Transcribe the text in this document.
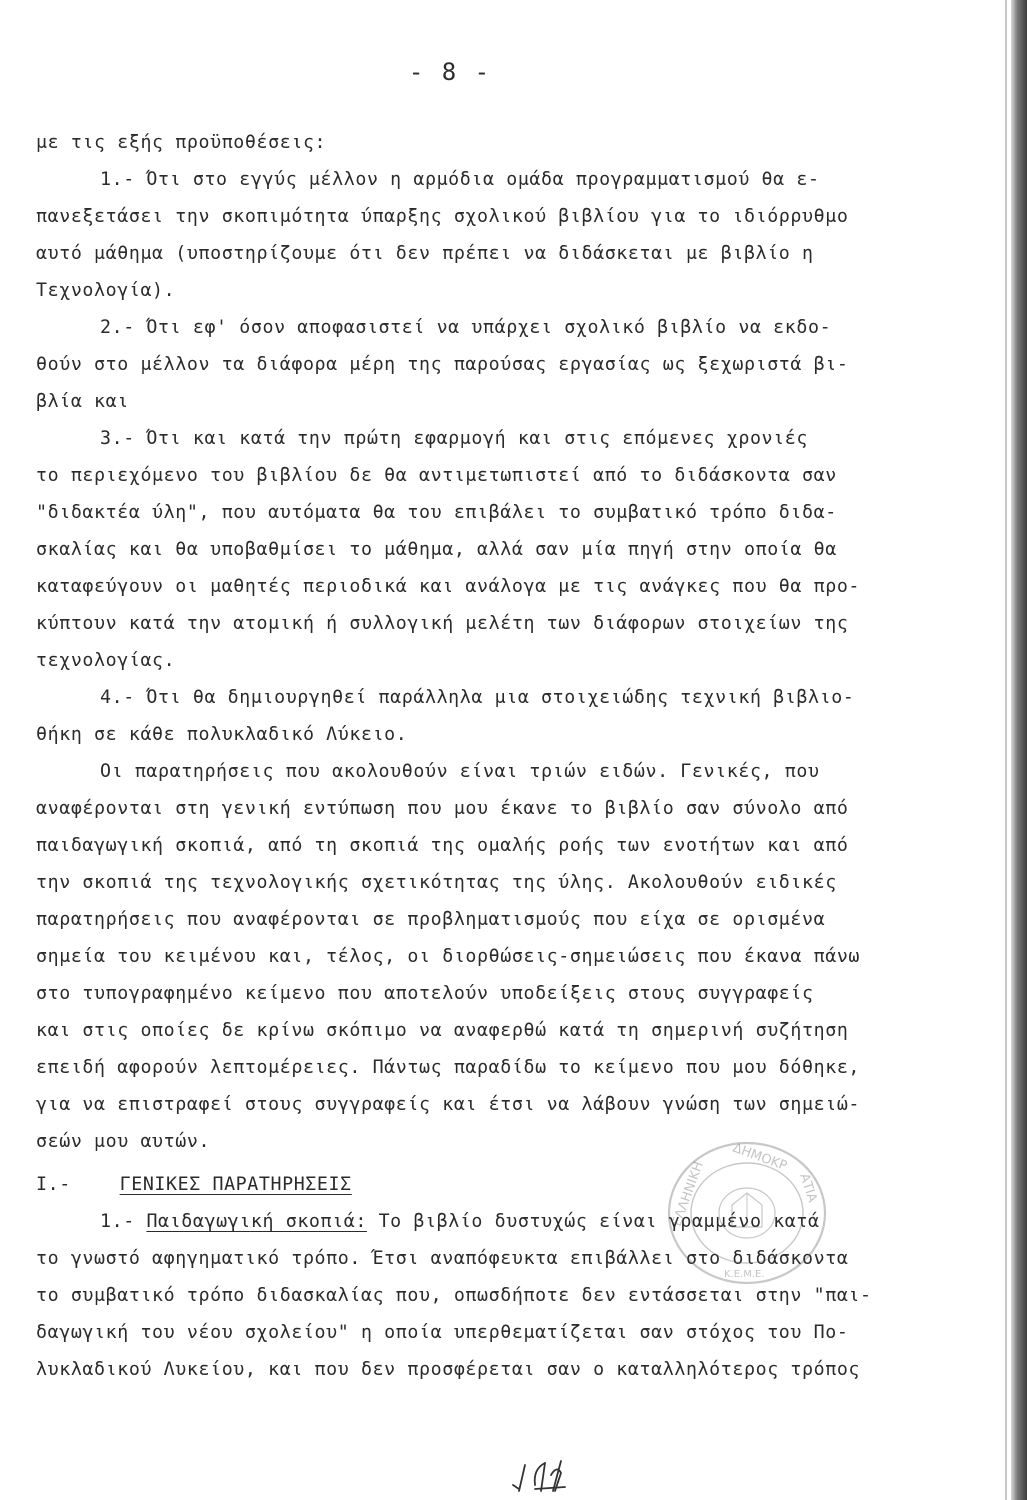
- 8 -
με τις εξής προϋποθέσεις:
1.- Ότι στο εγγύς μέλλον η αρμόδια ομάδα προγραμματισμού θα ε-
πανεξετάσει την σκοπιμότητα ύπαρξης σχολικού βιβλίου για το ιδιόρρυθμο
αυτό μάθημα (υποστηρίζουμε ότι δεν πρέπει να διδάσκεται με βιβλίο η
Τεχνολογία).
2.- Ότι εφ' όσον αποφασιστεί να υπάρχει σχολικό βιβλίο να εκδο-
θούν στο μέλλον τα διάφορα μέρη της παρούσας εργασίας ως ξεχωριστά βι-
βλία και
3.- Ότι και κατά την πρώτη εφαρμογή και στις επόμενες χρονιές
το περιεχόμενο του βιβλίου δε θα αντιμετωπιστεί από το διδάσκοντα σαν
"διδακτέα ύλη", που αυτόματα θα του επιβάλει το συμβατικό τρόπο διδα-
σκαλίας και θα υποβαθμίσει το μάθημα, αλλά σαν μία πηγή στην οποία θα
καταφεύγουν οι μαθητές περιοδικά και ανάλογα με τις ανάγκες που θα προ-
κύπτουν κατά την ατομική ή συλλογική μελέτη των διάφορων στοιχείων της
τεχνολογίας.
4.- Ότι θα δημιουργηθεί παράλληλα μια στοιχειώδης τεχνική βιβλιο-
θήκη σε κάθε πολυκλαδικό Λύκειο.
Οι παρατηρήσεις που ακολουθούν είναι τριών ειδών. Γενικές, που
αναφέρονται στη γενική εντύπωση που μου έκανε το βιβλίο σαν σύνολο από
παιδαγωγική σκοπιά, από τη σκοπιά της ομαλής ροής των ενοτήτων και από
την σκοπιά της τεχνολογικής σχετικότητας της ύλης. Ακολουθούν ειδικές
παρατηρήσεις που αναφέρονται σε προβληματισμούς που είχα σε ορισμένα
σημεία του κειμένου και, τέλος, οι διορθώσεις-σημειώσεις που έκανα πάνω
στο τυπογραφημένο κείμενο που αποτελούν υποδείξεις στους συγγραφείς
και στις οποίες δε κρίνω σκόπιμο να αναφερθώ κατά τη σημερινή συζήτηση
επειδή αφορούν λεπτομέρειες. Πάντως παραδίδω το κείμενο που μου δόθηκε,
για να επιστραφεί στους συγγραφείς και έτσι να λάβουν γνώση των σημειώ-
σεών μου αυτών.
Ι.-	ΓΕΝΙΚΕΣ ΠΑΡΑΤΗΡΗΣΕΙΣ
1.- Παιδαγωγική σκοπιά: Το βιβλίο δυστυχώς είναι γραμμένο κατά
το γνωστό αφηγηματικό τρόπο. Έτσι αναπόφευκτα επιβάλλει στο διδάσκοντα
το συμβατικό τρόπο διδασκαλίας που, οπωσδήποτε δεν εντάσσεται στην "παι-
δαγωγική του νέου σχολείου" η οποία υπερθεματίζεται σαν στόχος του Πο-
λυκλαδικού Λυκείου, και που δεν προσφέρεται σαν ο καταλληλότερος τρόπος
ΕΛΛΗΝΙΚΗ
ΔΗΜΟΚΡ
ΑΤΙΑ
Κ.Ε.Μ.Ε.
